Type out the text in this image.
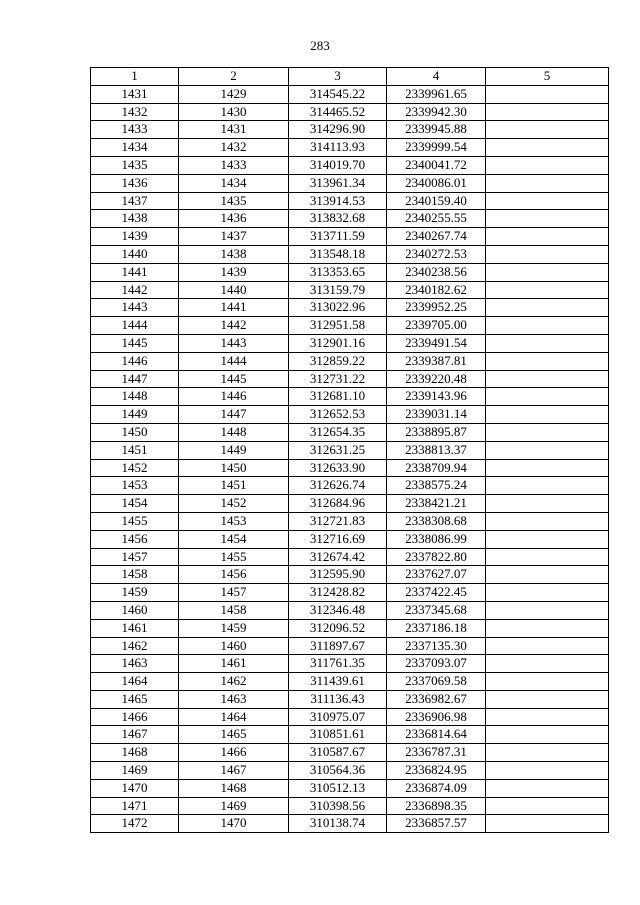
283
1	2	3	4	5
1431	1429	314545.22	2339961.65	
1432	1430	314465.52	2339942.30	
1433	1431	314296.90	2339945.88	
1434	1432	314113.93	2339999.54	
1435	1433	314019.70	2340041.72	
1436	1434	313961.34	2340086.01	
1437	1435	313914.53	2340159.40	
1438	1436	313832.68	2340255.55	
1439	1437	313711.59	2340267.74	
1440	1438	313548.18	2340272.53	
1441	1439	313353.65	2340238.56	
1442	1440	313159.79	2340182.62	
1443	1441	313022.96	2339952.25	
1444	1442	312951.58	2339705.00	
1445	1443	312901.16	2339491.54	
1446	1444	312859.22	2339387.81	
1447	1445	312731.22	2339220.48	
1448	1446	312681.10	2339143.96	
1449	1447	312652.53	2339031.14	
1450	1448	312654.35	2338895.87	
1451	1449	312631.25	2338813.37	
1452	1450	312633.90	2338709.94	
1453	1451	312626.74	2338575.24	
1454	1452	312684.96	2338421.21	
1455	1453	312721.83	2338308.68	
1456	1454	312716.69	2338086.99	
1457	1455	312674.42	2337822.80	
1458	1456	312595.90	2337627.07	
1459	1457	312428.82	2337422.45	
1460	1458	312346.48	2337345.68	
1461	1459	312096.52	2337186.18	
1462	1460	311897.67	2337135.30	
1463	1461	311761.35	2337093.07	
1464	1462	311439.61	2337069.58	
1465	1463	311136.43	2336982.67	
1466	1464	310975.07	2336906.98	
1467	1465	310851.61	2336814.64	
1468	1466	310587.67	2336787.31	
1469	1467	310564.36	2336824.95	
1470	1468	310512.13	2336874.09	
1471	1469	310398.56	2336898.35	
1472	1470	310138.74	2336857.57	
